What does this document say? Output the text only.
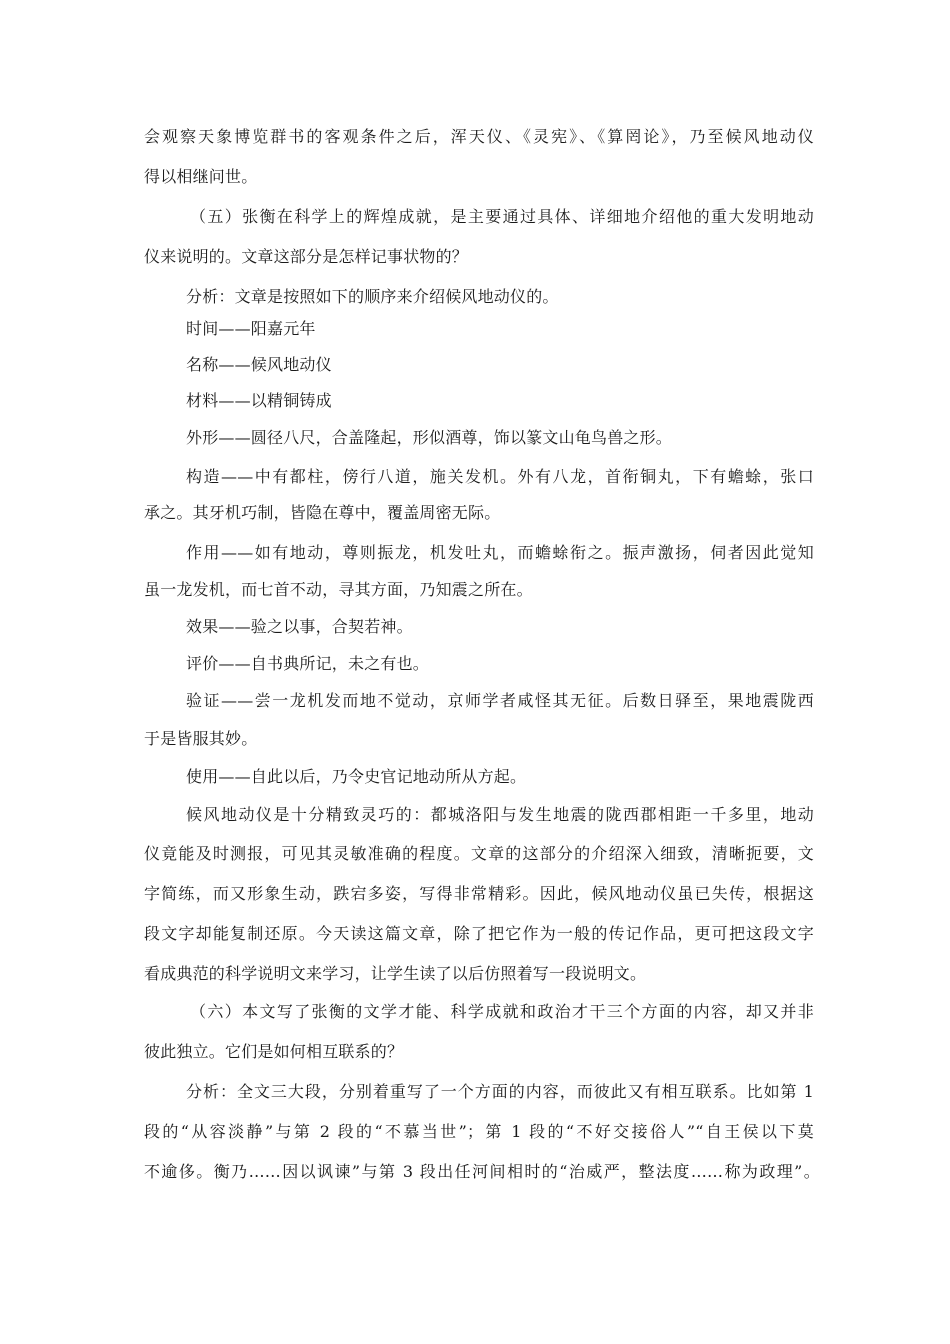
会观察天象博览群书的客观条件之后，浑天仪、《灵宪》、《算罔论》，乃至候风地动仪
得以相继问世。
（五）张衡在科学上的辉煌成就，是主要通过具体、详细地介绍他的重大发明地动
仪来说明的。文章这部分是怎样记事状物的？
分析：文章是按照如下的顺序来介绍候风地动仪的。
时间——阳嘉元年
名称——候风地动仪
材料——以精铜铸成
外形——圆径八尺，合盖隆起，形似酒尊，饰以篆文山龟鸟兽之形。
构造——中有都柱，傍行八道，施关发机。外有八龙，首衔铜丸，下有蟾蜍，张口
承之。其牙机巧制，皆隐在尊中，覆盖周密无际。
作用——如有地动，尊则振龙，机发吐丸，而蟾蜍衔之。振声激扬，伺者因此觉知
虽一龙发机，而七首不动，寻其方面，乃知震之所在。
效果——验之以事，合契若神。
评价——自书典所记，未之有也。
验证——尝一龙机发而地不觉动，京师学者咸怪其无征。后数日驿至，果地震陇西
于是皆服其妙。
使用——自此以后，乃令史官记地动所从方起。
候风地动仪是十分精致灵巧的：都城洛阳与发生地震的陇西郡相距一千多里，地动
仪竟能及时测报，可见其灵敏准确的程度。文章的这部分的介绍深入细致，清晰扼要，文
字简练，而又形象生动，跌宕多姿，写得非常精彩。因此，候风地动仪虽已失传，根据这
段文字却能复制还原。今天读这篇文章，除了把它作为一般的传记作品，更可把这段文字
看成典范的科学说明文来学习，让学生读了以后仿照着写一段说明文。
（六）本文写了张衡的文学才能、科学成就和政治才干三个方面的内容，却又并非
彼此独立。它们是如何相互联系的？
分析：全文三大段，分别着重写了一个方面的内容，而彼此又有相互联系。比如第 1
段的“从容淡静”与第 2 段的“不慕当世”；第 1 段的“不好交接俗人”“自王侯以下莫
不逾侈。衡乃……因以讽谏”与第 3 段出任河间相时的“治威严，整法度……称为政理”。
